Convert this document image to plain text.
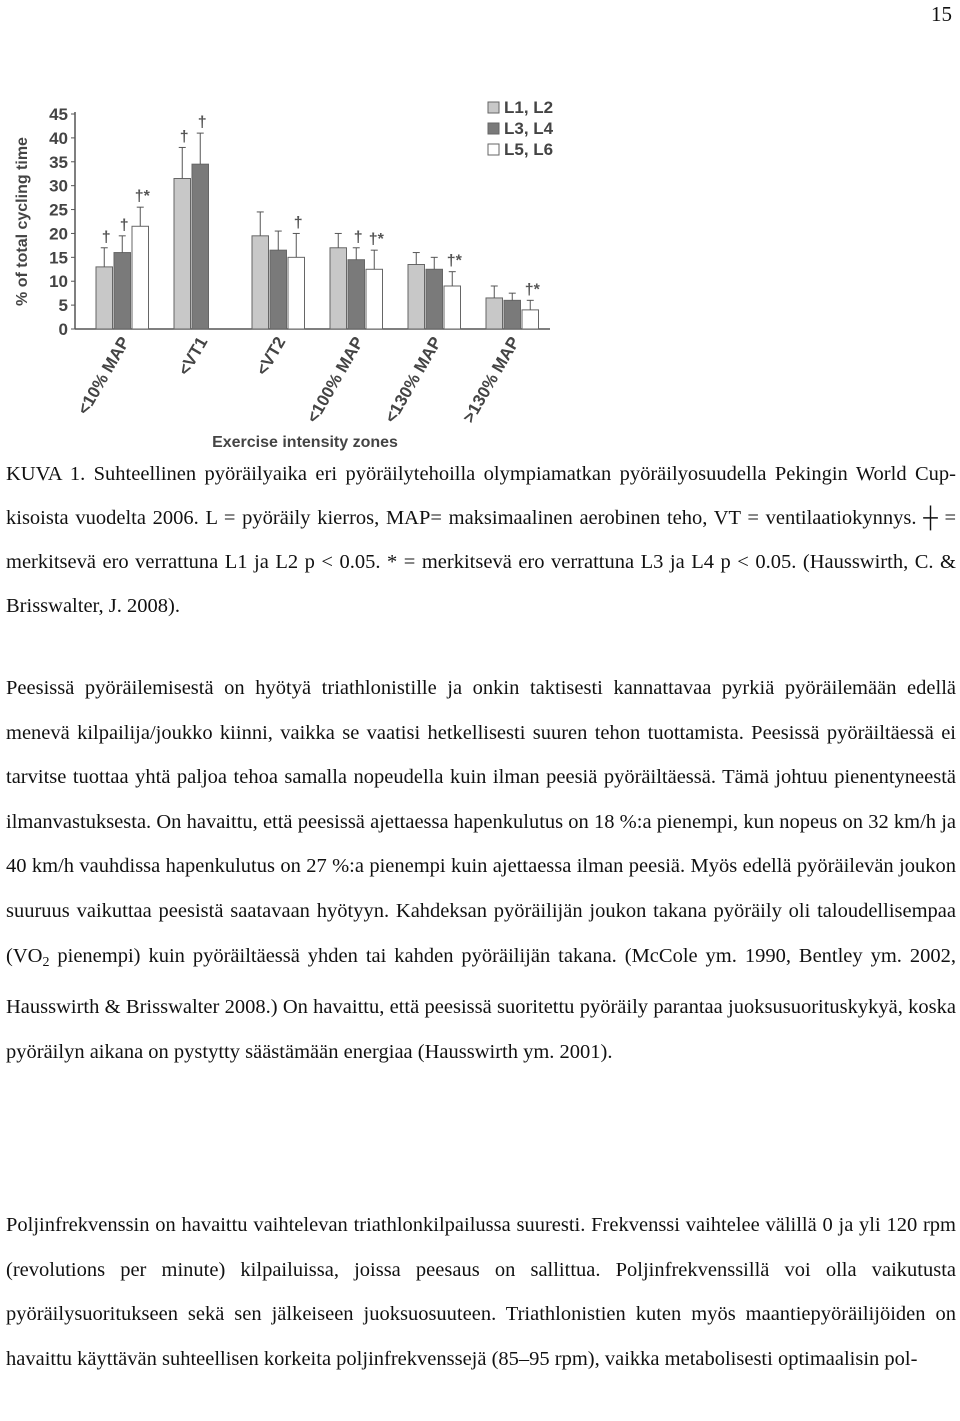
15
0
5
10
15
20
25
30
35
40
45
% of total cycling time	†
†
†*
<10% MAP
†
†
<VT1
†
<VT2
† †*
<100% MAP
†*
<130% MAP
†*
>130% MAP
Exercise intensity zones
L1, L2
L3, L4
L5, L6
KUVA 1. Suhteellinen pyöräilyaika eri pyöräilytehoilla olympiamatkan pyöräilyosuudella Pekingin World Cup-kisoista vuodelta 2006. L = pyöräily kierros, MAP= maksimaalinen aerobinen teho, VT = ventilaatiokynnys. ┼ = merkitsevä ero verrattuna L1 ja L2 p < 0.05. * = merkitsevä ero verrattuna L3 ja L4 p < 0.05. (Hausswirth, C. & Brisswalter, J. 2008).
Peesissä pyöräilemisestä on hyötyä triathlonistille ja onkin taktisesti kannattavaa pyrkiä pyöräilemään edellä menevä kilpailija/joukko kiinni, vaikka se vaatisi hetkellisesti suuren tehon tuottamista. Peesissä pyöräiltäessä ei tarvitse tuottaa yhtä paljoa tehoa samalla nopeudella kuin ilman peesiä pyöräiltäessä. Tämä johtuu pienentyneestä ilmanvastuksesta. On havaittu, että peesissä ajettaessa hapenkulutus on 18 %:a pienempi, kun nopeus on 32 km/h ja 40 km/h vauhdissa hapenkulutus on 27 %:a pienempi kuin ajettaessa ilman peesiä. Myös edellä pyöräilevän joukon suuruus vaikuttaa peesistä saatavaan hyötyyn. Kahdeksan pyöräilijän joukon takana pyöräily oli taloudellisempaa ($VO_2$ pienempi) kuin pyöräiltäessä yhden tai kahden pyöräilijän takana. (McCole ym. 1990, Bentley ym. 2002, Hausswirth & Brisswalter 2008.) On havaittu, että peesissä suoritettu pyöräily parantaa juoksusuorituskykyä, koska pyöräilyn aikana on pystytty säästämään energiaa (Hausswirth ym. 2001).
Poljinfrekvenssin on havaittu vaihtelevan triathlonkilpailussa suuresti. Frekvenssi vaihtelee välillä 0 ja yli 120 rpm (revolutions per minute) kilpailuissa, joissa peesaus on sallittua. Poljinfrekvenssillä voi olla vaikutusta pyöräilysuoritukseen sekä sen jälkeiseen juoksuosuuteen. Triathlonistien kuten myös maantiepyöräilijöiden on havaittu käyttävän suhteellisen korkeita poljinfrekvenssejä (85–95 rpm), vaikka metabolisesti optimaalisin pol-
